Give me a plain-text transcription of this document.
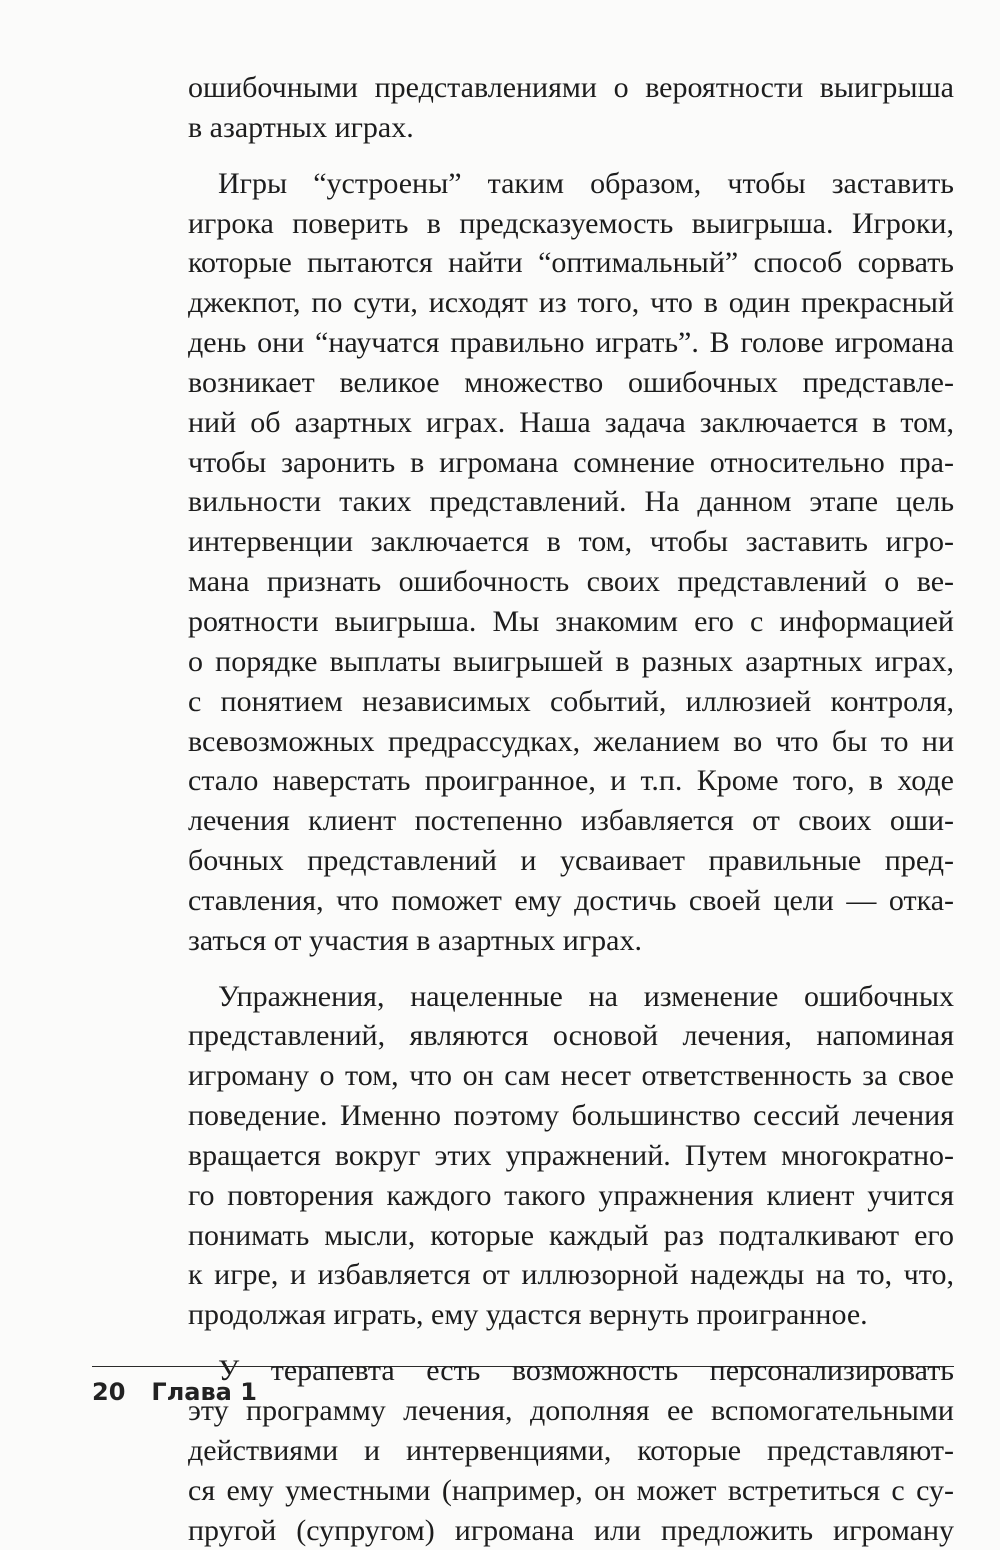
ошибочными представлениями о вероятности выигрыша
в азартных играх.
Игры “устроены” таким образом, чтобы заставить
игрока поверить в предсказуемость выигрыша. Игроки,
которые пытаются найти “оптимальный” способ сорвать
джекпот, по сути, исходят из того, что в один прекрасный
день они “научатся правильно играть”. В голове игромана
возникает великое множество ошибочных представле-
ний об азартных играх. Наша задача заключается в том,
чтобы заронить в игромана сомнение относительно пра-
вильности таких представлений. На данном этапе цель
интервенции заключается в том, чтобы заставить игро-
мана признать ошибочность своих представлений о ве-
роятности выигрыша. Мы знакомим его с информацией
о порядке выплаты выигрышей в разных азартных играх,
с понятием независимых событий, иллюзией контроля,
всевозможных предрассудках, желанием во что бы то ни
стало наверстать проигранное, и т.п. Кроме того, в ходе
лечения клиент постепенно избавляется от своих оши-
бочных представлений и усваивает правильные пред-
ставления, что поможет ему достичь своей цели — отка-
заться от участия в азартных играх.
Упражнения, нацеленные на изменение ошибочных
представлений, являются основой лечения, напоминая
игроману о том, что он сам несет ответственность за свое
поведение. Именно поэтому большинство сессий лечения
вращается вокруг этих упражнений. Путем многократно-
го повторения каждого такого упражнения клиент учится
понимать мысли, которые каждый раз подталкивают его
к игре, и избавляется от иллюзорной надежды на то, что,
продолжая играть, ему удастся вернуть проигранное.
У терапевта есть возможность персонализировать
эту программу лечения, дополняя ее вспомогательными
действиями и интервенциями, которые представляют-
ся ему уместными (например, он может встретиться с су-
пругой (супругом) игромана или предложить игроману
20 Глава 1
